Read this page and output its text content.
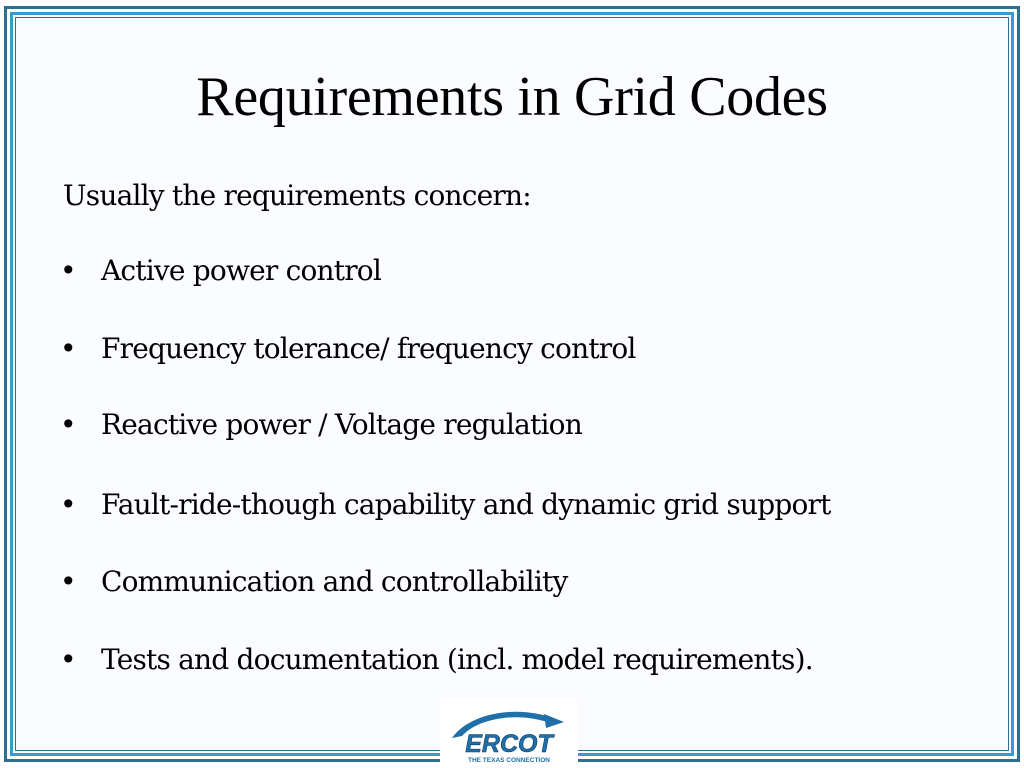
Requirements in Grid Codes
Usually the requirements concern:
• Active power control
• Frequency tolerance/ frequency control
• Reactive power / Voltage regulation
• Fault-ride-though capability and dynamic grid support
• Communication and controllability
• Tests and documentation (incl. model requirements).
ERCOT
THE TEXAS CONNECTION
